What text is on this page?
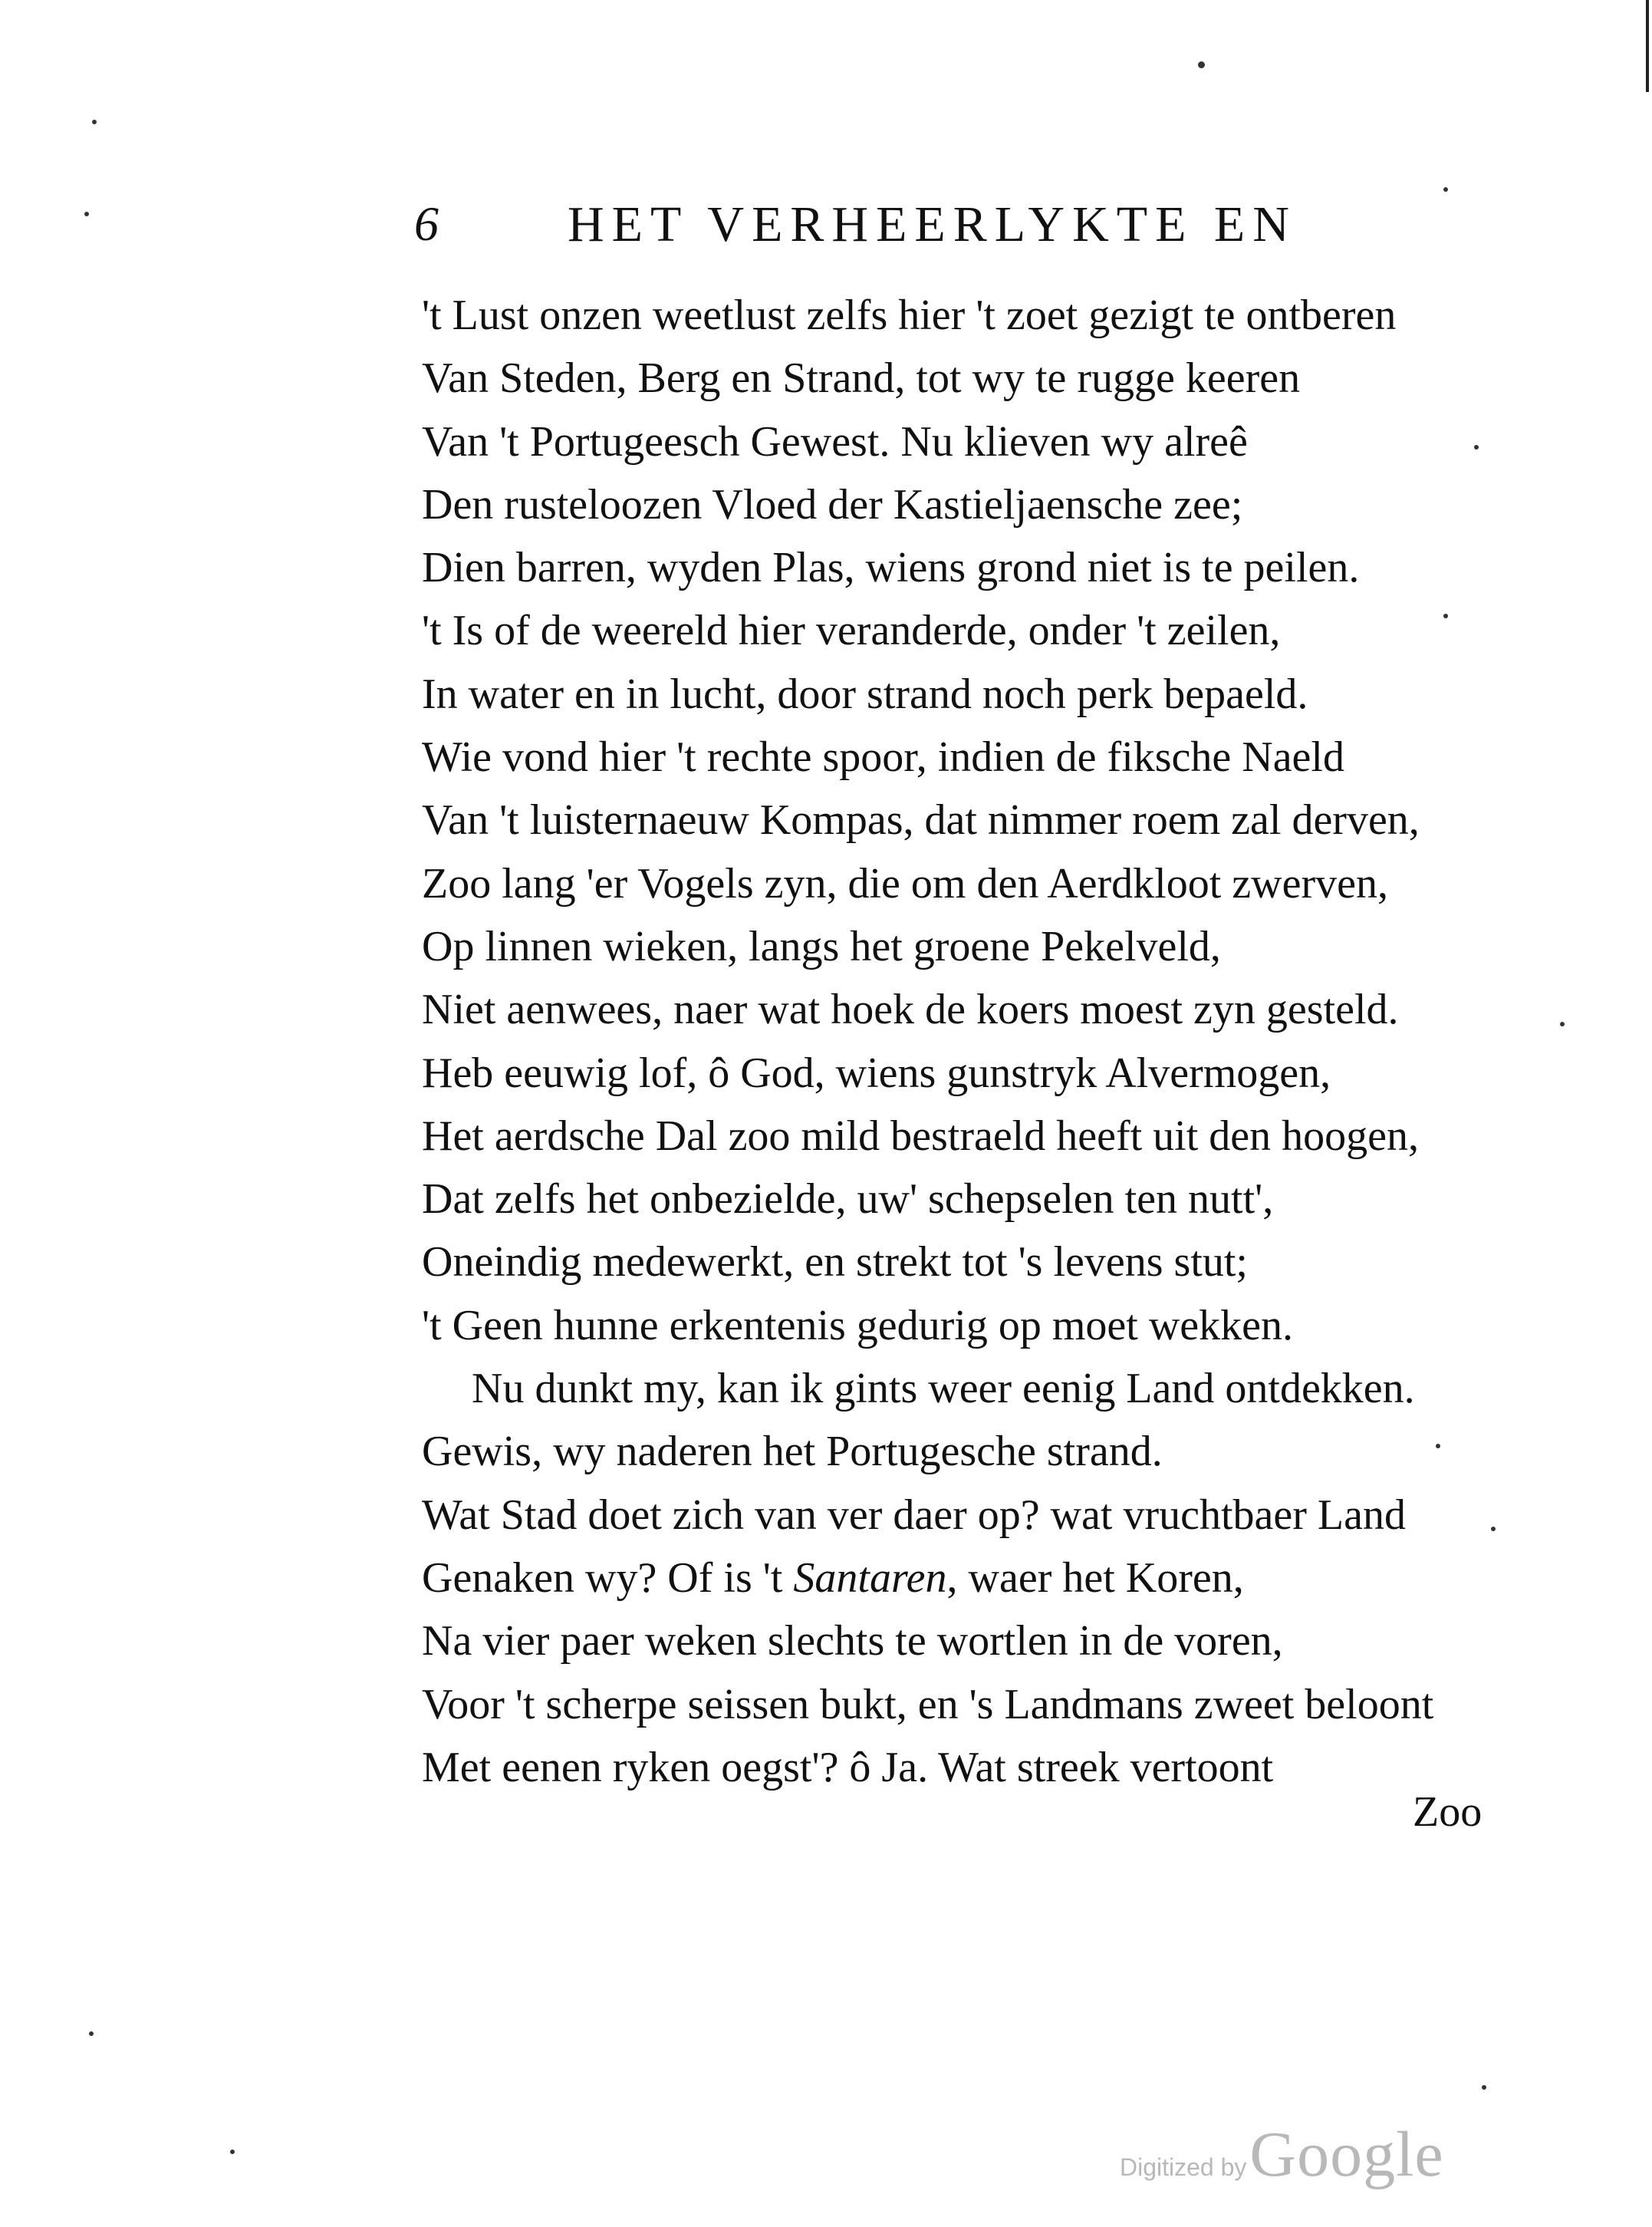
6	HET VERHEERLYKTE EN
't Lust onzen weetlust zelfs hier 't zoet gezigt te ontberen
Van Steden, Berg en Strand, tot wy te rugge keeren
Van 't Portugeesch Gewest. Nu klieven wy alreê
Den rusteloozen Vloed der Kastieljaensche zee;
Dien barren, wyden Plas, wiens grond niet is te peilen.
't Is of de weereld hier veranderde, onder 't zeilen,
In water en in lucht, door strand noch perk bepaeld.
Wie vond hier 't rechte spoor, indien de fiksche Naeld
Van 't luisternaeuw Kompas, dat nimmer roem zal derven,
Zoo lang 'er Vogels zyn, die om den Aerdkloot zwerven,
Op linnen wieken, langs het groene Pekelveld,
Niet aenwees, naer wat hoek de koers moest zyn gesteld.
Heb eeuwig lof, ô God, wiens gunstryk Alvermogen,
Het aerdsche Dal zoo mild bestraeld heeft uit den hoogen,
Dat zelfs het onbezielde, uw' schepselen ten nutt',
Oneindig medewerkt, en strekt tot 's levens stut;
't Geen hunne erkentenis gedurig op moet wekken.
Nu dunkt my, kan ik gints weer eenig Land ontdekken.
Gewis, wy naderen het Portugesche strand.
Wat Stad doet zich van ver daer op? wat vruchtbaer Land
Genaken wy? Of is 't Santaren, waer het Koren,
Na vier paer weken slechts te wortlen in de voren,
Voor 't scherpe seissen bukt, en 's Landmans zweet beloont
Met eenen ryken oegst'? ô Ja. Wat streek vertoont
Zoo
Digitized by Google
